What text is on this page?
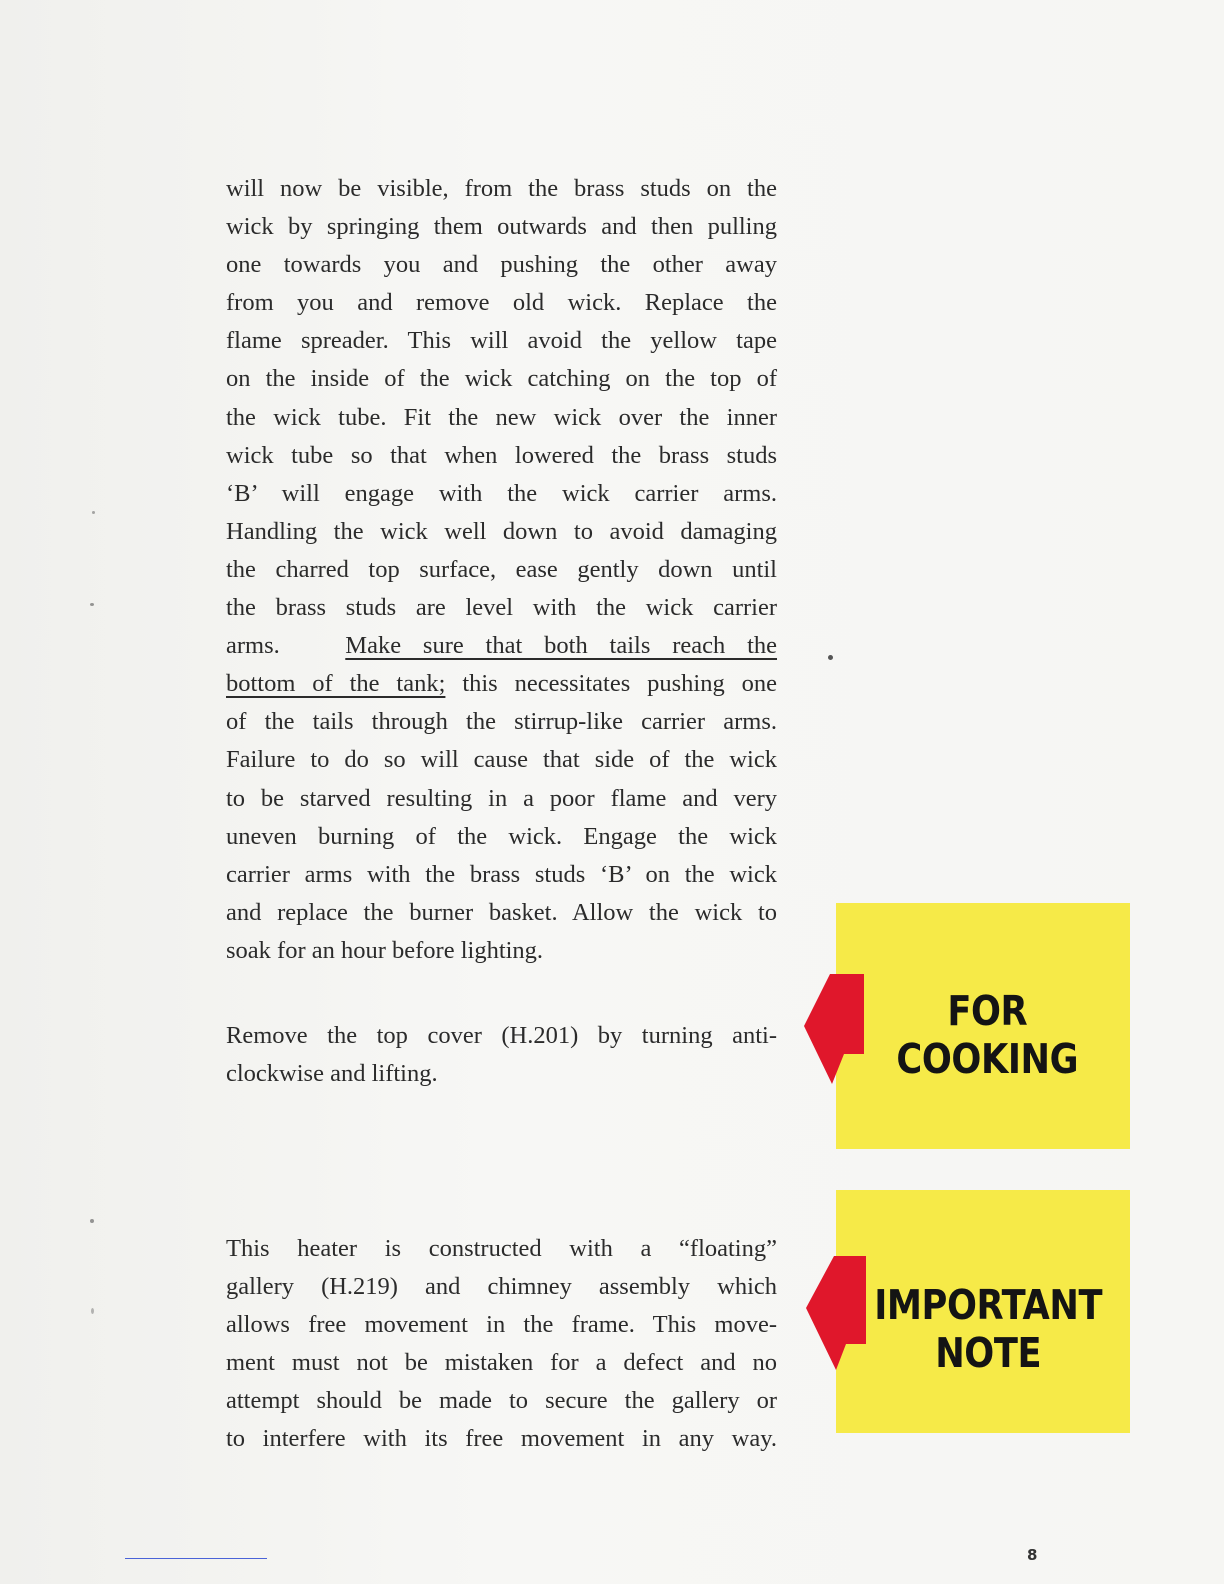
will now be visible, from the brass studs on the
wick by springing them outwards and then pulling
one towards you and pushing the other away
from you and remove old wick. Replace the
flame spreader. This will avoid the yellow tape
on the inside of the wick catching on the top of
the wick tube. Fit the new wick over the inner
wick tube so that when lowered the brass studs
‘B’ will engage with the wick carrier arms.
Handling the wick well down to avoid damaging
the charred top surface, ease gently down until
the brass studs are level with the wick carrier
arms.	Make sure that both tails reach the
bottom of the tank; this necessitates pushing one
of the tails through the stirrup-like carrier arms.
Failure to do so will cause that side of the wick
to be starved resulting in a poor flame and very
uneven burning of the wick. Engage the wick
carrier arms with the brass studs ‘B’ on the wick
and replace the burner basket. Allow the wick to
soak for an hour before lighting.
Remove the top cover (H.201) by turning anti-
clockwise and lifting.
This heater is constructed with a “floating”
gallery (H.219) and chimney assembly which
allows free movement in the frame. This move-
ment must not be mistaken for a defect and no
attempt should be made to secure the gallery or
to interfere with its free movement in any way.
FOR
COOKING
IMPORTANT
NOTE
8
